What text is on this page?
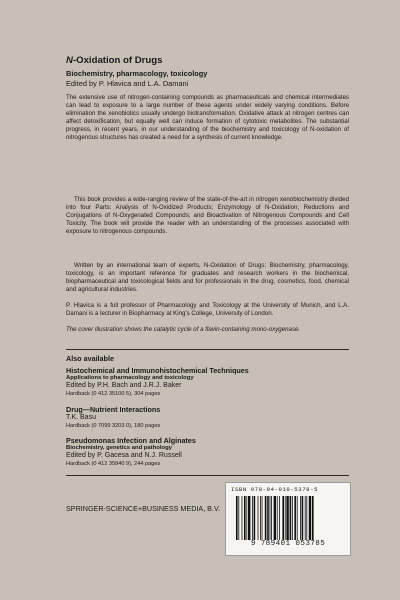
N-Oxidation of Drugs
Biochemistry, pharmacology, toxicology
Edited by P. Hlavica and L.A. Damani

The extensive use of nitrogen-containing compounds as pharmaceuticals and chemical intermediates can lead to exposure to a large number of these agents under widely varying conditions. Before elimination the xenobiotics usually undergo biotransformation. Oxidative attack at nitrogen centres can affect detoxification, but equally well can induce formation of cytotoxic metabolites. The substantial progress, in recent years, in our understanding of the biochemistry and toxicology of N-oxidation of nitrogenous structures has created a need for a synthesis of current knowledge.

This book provides a wide-ranging review of the state-of-the-art in nitrogen xenobiochemistry divided into four Parts: Analysis of N-Oxidized Products; Enzymology of N-Oxidation; Reductions and Conjugations of N-Oxygenated Compounds; and Bioactivation of Nitrogenous Compounds and Cell Toxicity. The book will provide the reader with an understanding of the processes associated with exposure to nitrogenous compounds.

Written by an international team of experts, N-Oxidation of Drugs: Biochemistry, pharmacology, toxicology, is an important reference for graduates and research workers in the biochemical, biopharmaceutical and toxicological fields and for professionals in the drug, cosmetics, food, chemical and agricultural industries.

P. Hlavica is a full professor of Pharmacology and Toxicology at the University of Munich, and L.A. Damani is a lecturer in Biopharmacy at King's College, University of London.

The cover illustration shows the catalytic cycle of a flavin-containing mono-oxygenase.

Also available
Histochemical and Immunohistochemical Techniques
Applications to pharmacology and toxicology
Edited by P.H. Bach and J.R.J. Baker
Hardback (0 412 35100 5), 304 pages
Drug—Nutrient Interactions
T.K. Basu
Hardback (0 7099 3203 0), 180 pages
Pseudomonas Infection and Alginates
Biochemistry, genetics and pathology
Edited by P. Gacesa and N.J. Russell
Hardback (0 412 35840 9), 244 pages
SPRINGER-SCIENCE+BUSINESS MEDIA, B.V.
ISBN 978-94-010-5378-5
9 789401 053785
